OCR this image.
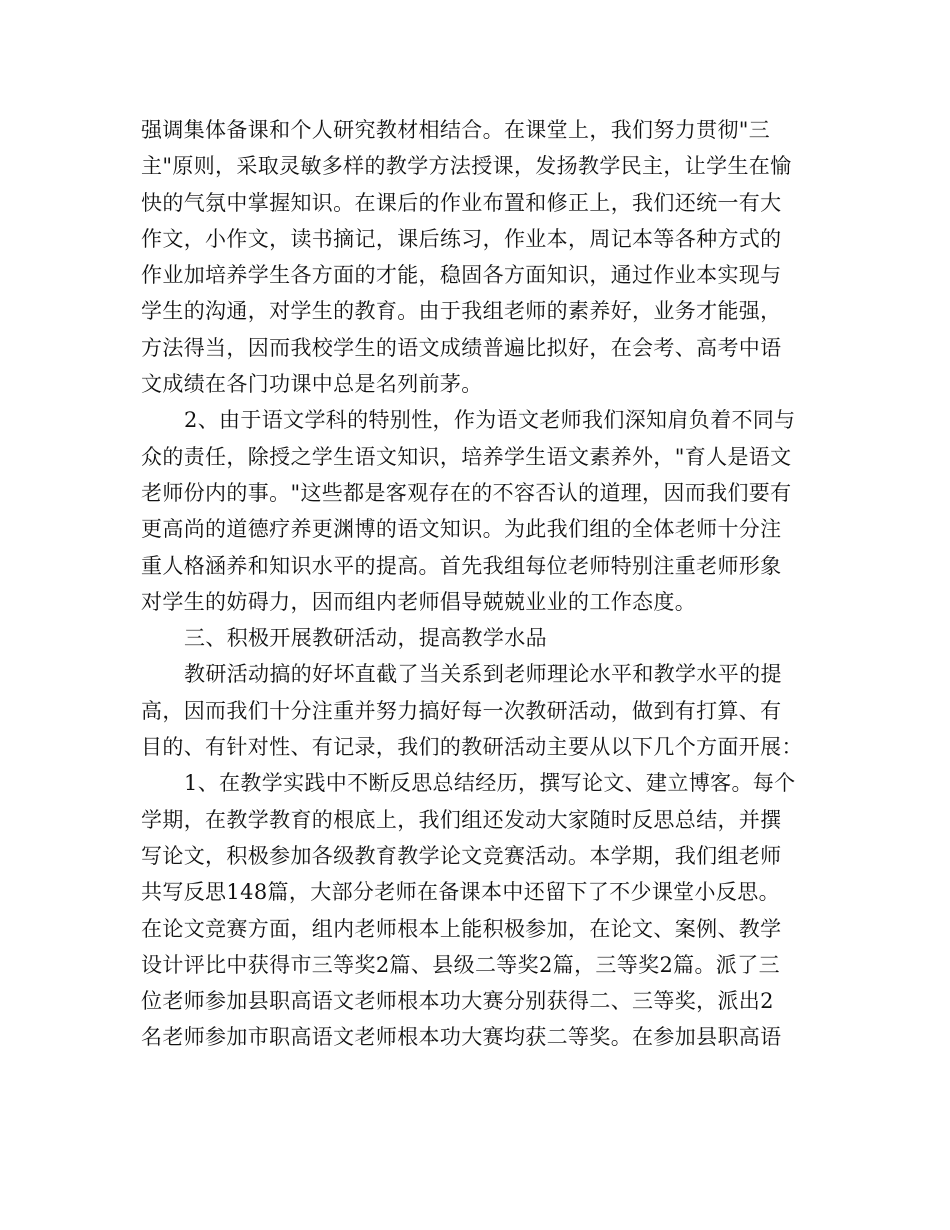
强调集体备课和个人研究教材相结合。在课堂上，我们努力贯彻"三
主"原则，采取灵敏多样的教学方法授课，发扬教学民主，让学生在愉
快的气氛中掌握知识。在课后的作业布置和修正上，我们还统一有大
作文，小作文，读书摘记，课后练习，作业本，周记本等各种方式的
作业加培养学生各方面的才能，稳固各方面知识，通过作业本实现与
学生的沟通，对学生的教育。由于我组老师的素养好，业务才能强，
方法得当，因而我校学生的语文成绩普遍比拟好，在会考、高考中语
文成绩在各门功课中总是名列前茅。
2、由于语文学科的特别性，作为语文老师我们深知肩负着不同与
众的责任，除授之学生语文知识，培养学生语文素养外，"育人是语文
老师份内的事。"这些都是客观存在的不容否认的道理，因而我们要有
更高尚的道德疗养更渊博的语文知识。为此我们组的全体老师十分注
重人格涵养和知识水平的提高。首先我组每位老师特别注重老师形象
对学生的妨碍力，因而组内老师倡导兢兢业业的工作态度。
三、积极开展教研活动，提高教学水品
教研活动搞的好坏直截了当关系到老师理论水平和教学水平的提
高，因而我们十分注重并努力搞好每一次教研活动，做到有打算、有
目的、有针对性、有记录，我们的教研活动主要从以下几个方面开展：
1、在教学实践中不断反思总结经历，撰写论文、建立博客。每个
学期，在教学教育的根底上，我们组还发动大家随时反思总结，并撰
写论文，积极参加各级教育教学论文竞赛活动。本学期，我们组老师
共写反思148篇，大部分老师在备课本中还留下了不少课堂小反思。
在论文竞赛方面，组内老师根本上能积极参加，在论文、案例、教学
设计评比中获得市三等奖2篇、县级二等奖2篇，三等奖2篇。派了三
位老师参加县职高语文老师根本功大赛分别获得二、三等奖，派出2
名老师参加市职高语文老师根本功大赛均获二等奖。在参加县职高语
